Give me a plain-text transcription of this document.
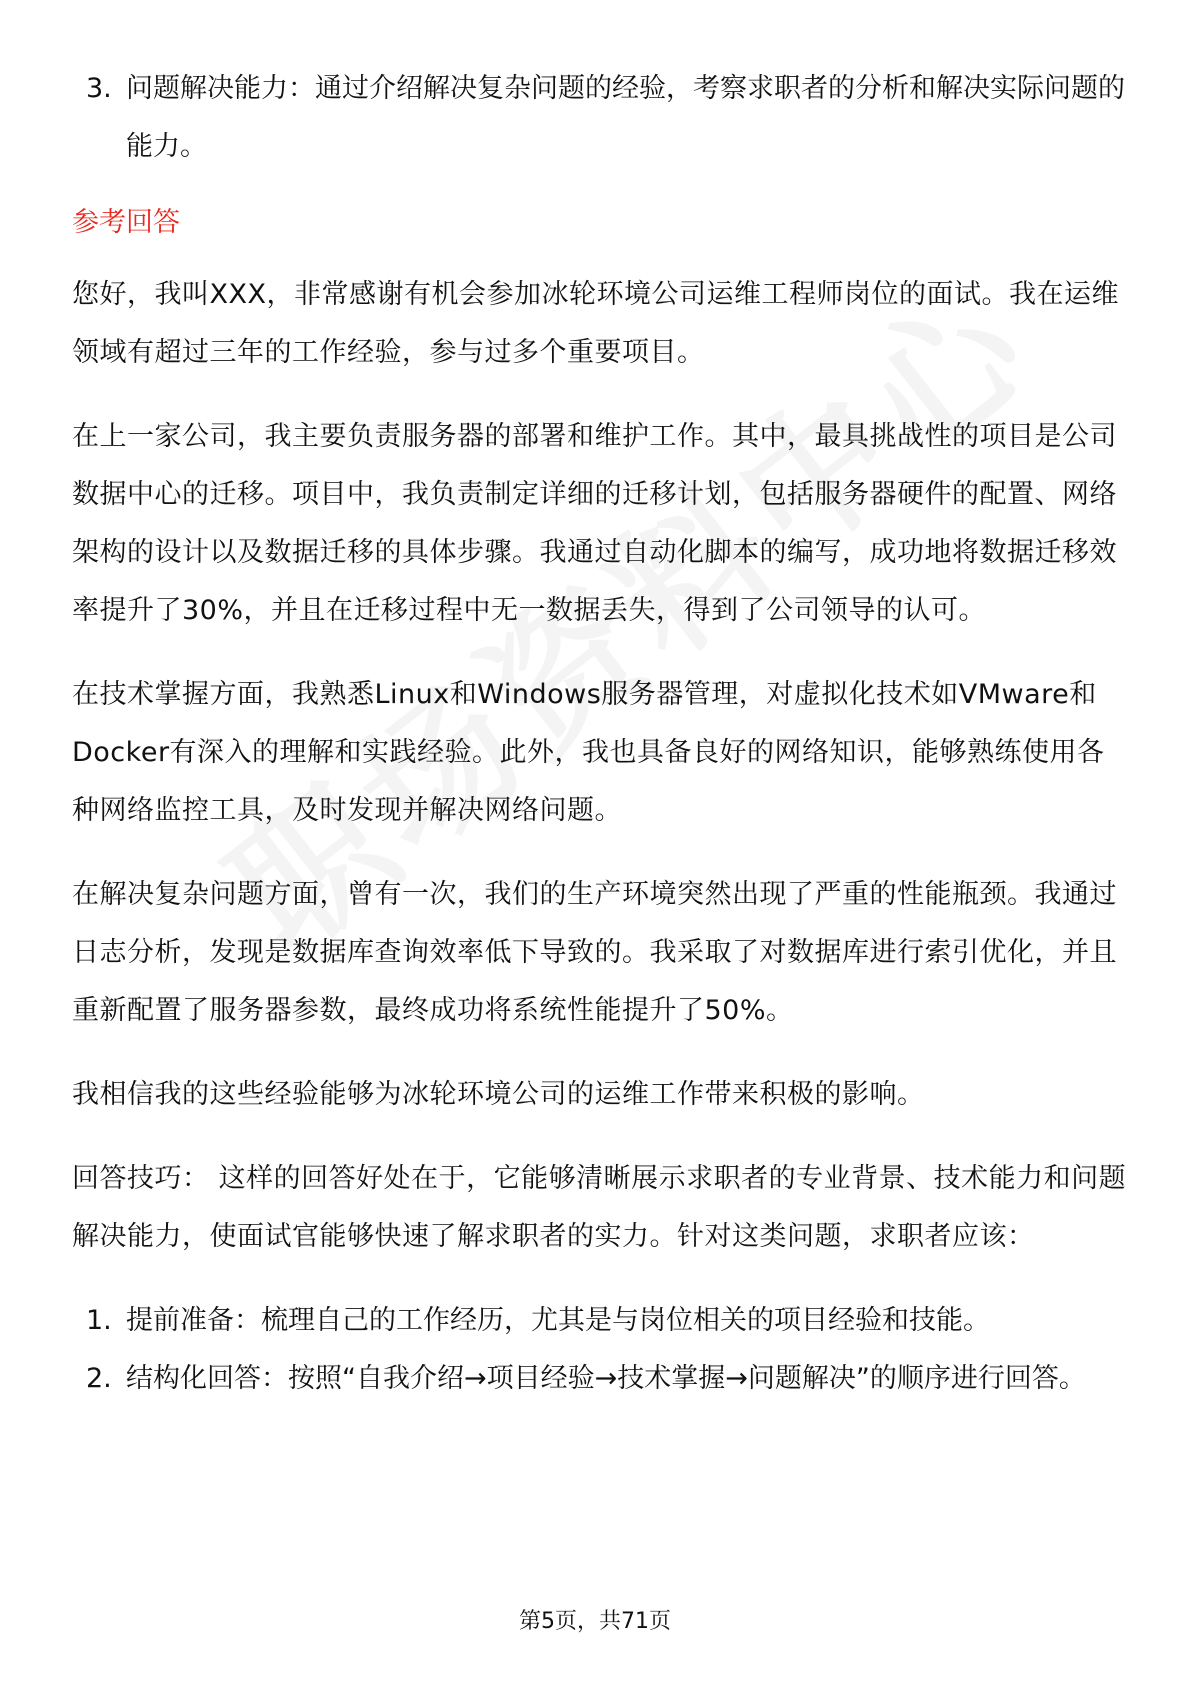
3. 问题解决能力：通过介绍解决复杂问题的经验，考察求职者的分析和解决实际问题的能力。
参考回答

您好，我叫XXX，非常感谢有机会参加冰轮环境公司运维工程师岗位的面试。我在运维领域有超过三年的工作经验，参与过多个重要项目。

在上一家公司，我主要负责服务器的部署和维护工作。其中，最具挑战性的项目是公司数据中心的迁移。项目中，我负责制定详细的迁移计划，包括服务器硬件的配置、网络架构的设计以及数据迁移的具体步骤。我通过自动化脚本的编写，成功地将数据迁移效率提升了30%，并且在迁移过程中无一数据丢失，得到了公司领导的认可。

在技术掌握方面，我熟悉Linux和Windows服务器管理，对虚拟化技术如VMware和Docker有深入的理解和实践经验。此外，我也具备良好的网络知识，能够熟练使用各种网络监控工具，及时发现并解决网络问题。

在解决复杂问题方面，曾有一次，我们的生产环境突然出现了严重的性能瓶颈。我通过日志分析，发现是数据库查询效率低下导致的。我采取了对数据库进行索引优化，并且重新配置了服务器参数，最终成功将系统性能提升了50%。

我相信我的这些经验能够为冰轮环境公司的运维工作带来积极的影响。

回答技巧： 这样的回答好处在于，它能够清晰展示求职者的专业背景、技术能力和问题解决能力，使面试官能够快速了解求职者的实力。针对这类问题，求职者应该：

1. 提前准备：梳理自己的工作经历，尤其是与岗位相关的项目经验和技能。
2. 结构化回答：按照“自我介绍→项目经验→技术掌握→问题解决”的顺序进行回答。
第5页，共71页
